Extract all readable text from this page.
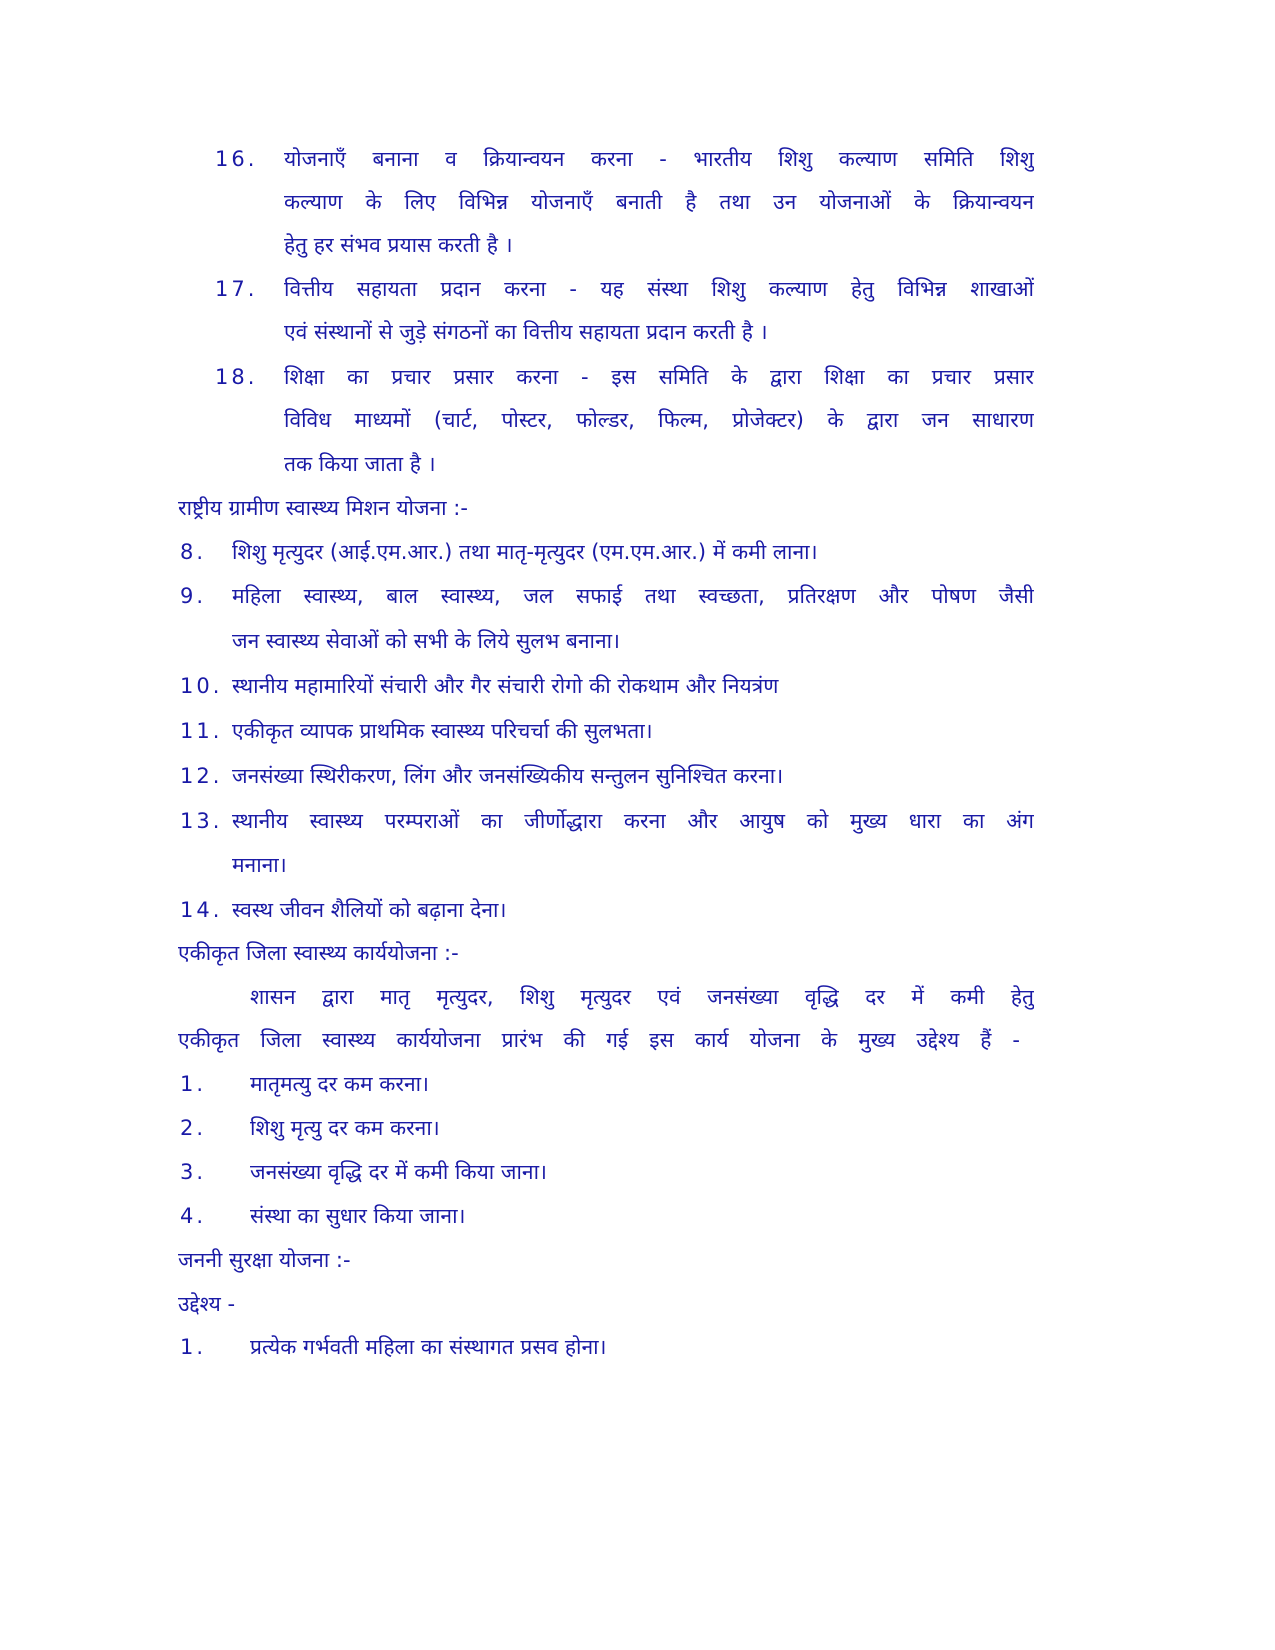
16. योजनाएँ बनाना व क्रियान्वयन करना - भारतीय शिशु कल्याण समिति शिशु
कल्याण के लिए विभिन्न योजनाएँ बनाती है तथा उन योजनाओं के क्रियान्वयन
हेतु हर संभव प्रयास करती है ।
17. वित्तीय सहायता प्रदान करना - यह संस्था शिशु कल्याण हेतु विभिन्न शाखाओं
एवं संस्थानों से जुड़े संगठनों का वित्तीय सहायता प्रदान करती है ।
18. शिक्षा का प्रचार प्रसार करना - इस समिति के द्वारा शिक्षा का प्रचार प्रसार
विविध माध्यमों (चार्ट, पोस्टर, फोल्डर, फिल्म, प्रोजेक्टर) के द्वारा जन साधारण
तक किया जाता है ।
राष्ट्रीय ग्रामीण स्वास्थ्य मिशन योजना :-
8. शिशु मृत्युदर (आई.एम.आर.) तथा मातृ-मृत्युदर (एम.एम.आर.) में कमी लाना।
9. महिला स्वास्थ्य, बाल स्वास्थ्य, जल सफाई तथा स्वच्छता, प्रतिरक्षण और पोषण जैसी
जन स्वास्थ्य सेवाओं को सभी के लिये सुलभ बनाना।
10. स्थानीय महामारियों संचारी और गैर संचारी रोगो की रोकथाम और नियत्रंण
11. एकीकृत व्यापक प्राथमिक स्वास्थ्य परिचर्चा की सुलभता।
12. जनसंख्या स्थिरीकरण, लिंग और जनसंख्यिकीय सन्तुलन सुनिश्चित करना।
13. स्थानीय स्वास्थ्य परम्पराओं का जीर्णोद्धारा करना और आयुष को मुख्य धारा का अंग
मनाना।
14. स्वस्थ जीवन शैलियों को बढ़ाना देना।
एकीकृत जिला स्वास्थ्य कार्ययोजना :-
शासन द्वारा मातृ मृत्युदर, शिशु मृत्युदर एवं जनसंख्या वृद्धि दर में कमी हेतु
एकीकृत जिला स्वास्थ्य कार्ययोजना प्रारंभ की गई इस कार्य योजना के मुख्य उद्देश्य हैं -
1. मातृमत्यु दर कम करना।
2. शिशु मृत्यु दर कम करना।
3. जनसंख्या वृद्धि दर में कमी किया जाना।
4. संस्था का सुधार किया जाना।
जननी सुरक्षा योजना :-
उद्देश्य -
1. प्रत्येक गर्भवती महिला का संस्थागत प्रसव होना।
